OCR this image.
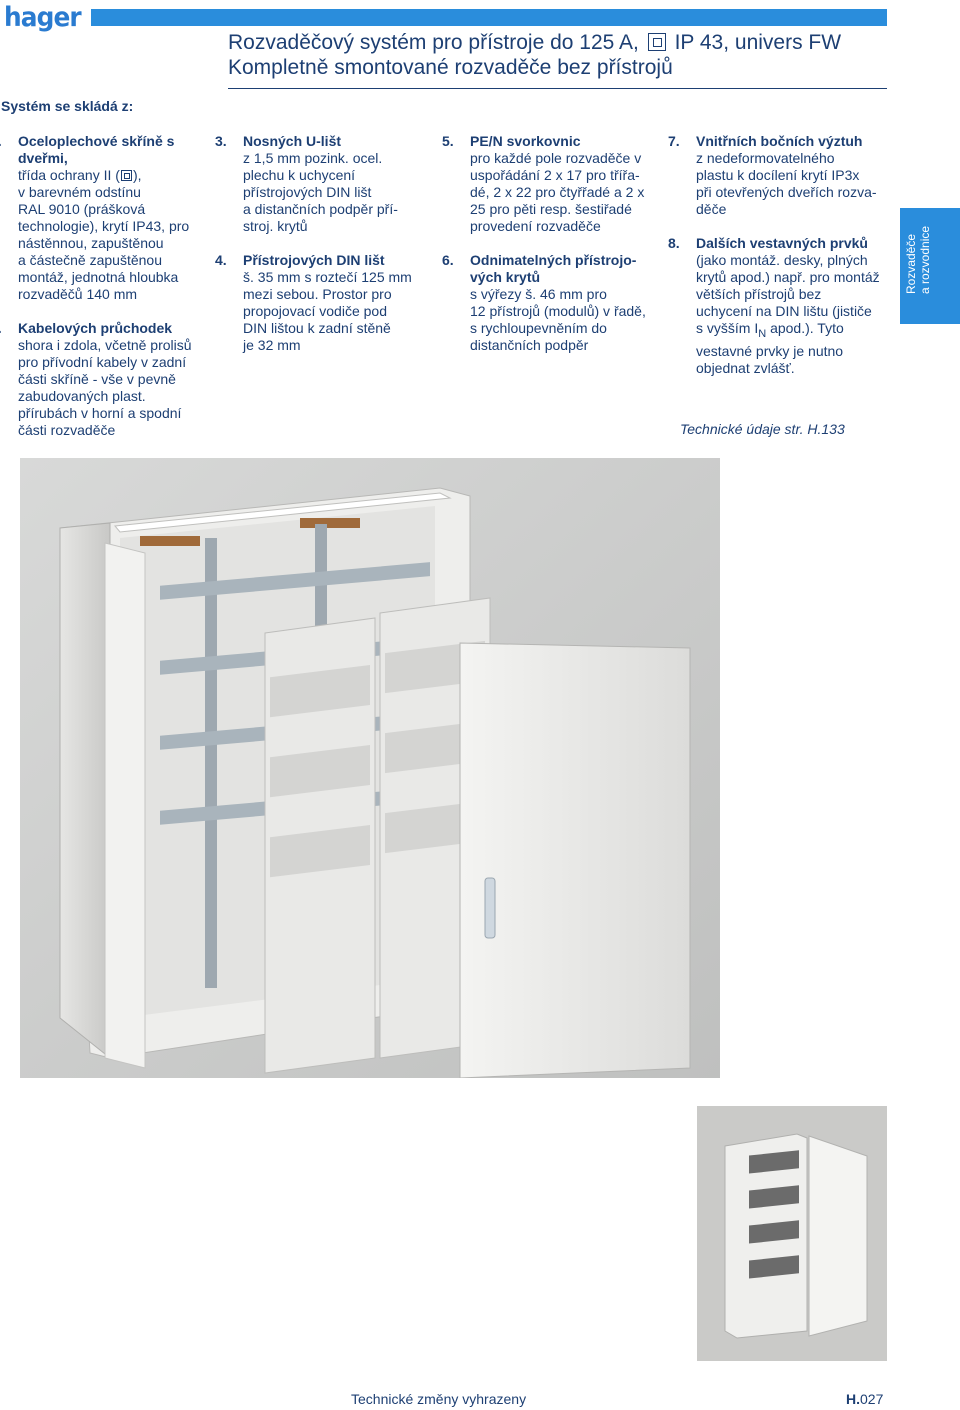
hager
Rozvaděčový systém pro přístroje do 125 A, IP 43, univers FW
Kompletně smontované rozvaděče bez přístrojů
Systém se skládá z:
Oceloplechové skříně s
dveřmi,
třída ochrany II ( ),
v barevném odstínu
RAL 9010 (prášková
technologie), krytí IP43, pro
nástěnnou, zapuštěnou
a částečně zapuštěnou
montáž, jednotná hloubka
rozvaděčů 140 mm
Kabelových průchodek
shora i zdola, včetně prolisů
pro přívodní kabely v zadní
části skříně - vše v pevně
zabudovaných plast.
přírubách v horní a spodní
části rozvaděče
3. Nosných U-lišt
z 1,5 mm pozink. ocel.
plechu k uchycení
přístrojových DIN lišt
a distančních podpěr pří-
stroj. krytů
4. Přístrojových DIN lišt
š. 35 mm s roztečí 125 mm
mezi sebou. Prostor pro
propojovací vodiče pod
DIN lištou k zadní stěně
je 32 mm
5. PE/N svorkovnic
pro každé pole rozvaděče v
uspořádání 2 x 17 pro třířa-
dé, 2 x 22 pro čtyřřadé a 2 x
25 pro pěti resp. šestiřadé
provedení rozvaděče
6. Odnimatelných přístrojo-
vých krytů
s výřezy š. 46 mm pro
12 přístrojů (modulů) v řadě,
s rychloupevněním do
distančních podpěr
7. Vnitřních bočních výztuh
z nedeformovatelného
plastu k docílení krytí IP3x
při otevřených dveřích rozva-
děče
8. Dalších vestavných prvků
(jako montáž. desky, plných
krytů apod.) např. pro montáž
větších přístrojů bez
uchycení na DIN lištu (jističe
s vyšším $I_N$ apod.). Tyto
vestavné prvky je nutno
objednat zvlášť.
Technické údaje str. H.133
Rozvaděče a rozvodnice
Technické změny vyhrazeny	H.027
